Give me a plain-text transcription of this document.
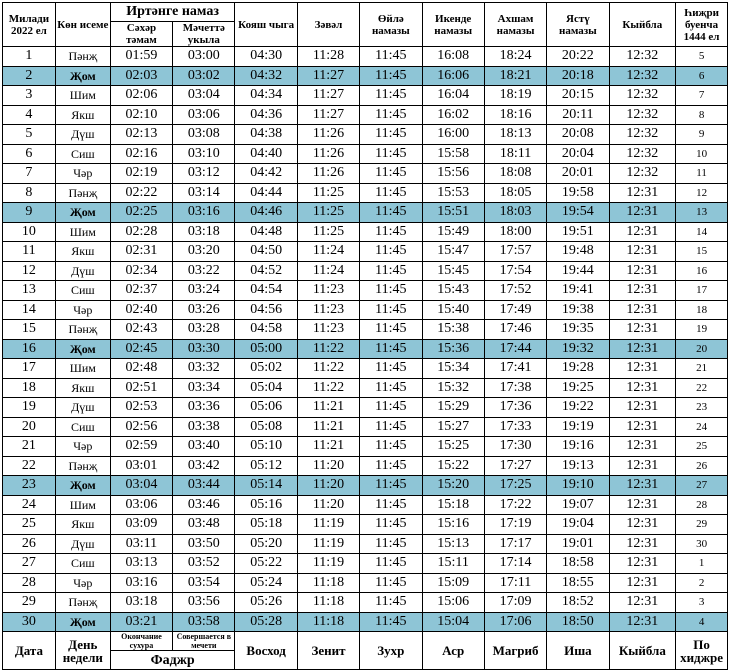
Милади 2022 ел	Көн исеме	Иртәнге намаз		Кояш чыга	Зәвәл	Өйлә намазы	Икенде намазы	Ахшам намазы	Ястү намазы	Кыйбла	Һиҗри буенча 1444 ел
		Сәхәр тәмам	Мәчеттә укыла								
1	Пәнҗ	01:59	03:00	04:30	11:28	11:45	16:08	18:24	20:22	12:32	5
2	Җом	02:03	03:02	04:32	11:27	11:45	16:06	18:21	20:18	12:32	6
3	Шим	02:06	03:04	04:34	11:27	11:45	16:04	18:19	20:15	12:32	7
4	Якш	02:10	03:06	04:36	11:27	11:45	16:02	18:16	20:11	12:32	8
5	Дүш	02:13	03:08	04:38	11:26	11:45	16:00	18:13	20:08	12:32	9
6	Сиш	02:16	03:10	04:40	11:26	11:45	15:58	18:11	20:04	12:32	10
7	Чәр	02:19	03:12	04:42	11:26	11:45	15:56	18:08	20:01	12:32	11
8	Пәнҗ	02:22	03:14	04:44	11:25	11:45	15:53	18:05	19:58	12:31	12
9	Җом	02:25	03:16	04:46	11:25	11:45	15:51	18:03	19:54	12:31	13
10	Шим	02:28	03:18	04:48	11:25	11:45	15:49	18:00	19:51	12:31	14
11	Якш	02:31	03:20	04:50	11:24	11:45	15:47	17:57	19:48	12:31	15
12	Дүш	02:34	03:22	04:52	11:24	11:45	15:45	17:54	19:44	12:31	16
13	Сиш	02:37	03:24	04:54	11:23	11:45	15:43	17:52	19:41	12:31	17
14	Чәр	02:40	03:26	04:56	11:23	11:45	15:40	17:49	19:38	12:31	18
15	Пәнҗ	02:43	03:28	04:58	11:23	11:45	15:38	17:46	19:35	12:31	19
16	Җом	02:45	03:30	05:00	11:22	11:45	15:36	17:44	19:32	12:31	20
17	Шим	02:48	03:32	05:02	11:22	11:45	15:34	17:41	19:28	12:31	21
18	Якш	02:51	03:34	05:04	11:22	11:45	15:32	17:38	19:25	12:31	22
19	Дүш	02:53	03:36	05:06	11:21	11:45	15:29	17:36	19:22	12:31	23
20	Сиш	02:56	03:38	05:08	11:21	11:45	15:27	17:33	19:19	12:31	24
21	Чәр	02:59	03:40	05:10	11:21	11:45	15:25	17:30	19:16	12:31	25
22	Пәнҗ	03:01	03:42	05:12	11:20	11:45	15:22	17:27	19:13	12:31	26
23	Җом	03:04	03:44	05:14	11:20	11:45	15:20	17:25	19:10	12:31	27
24	Шим	03:06	03:46	05:16	11:20	11:45	15:18	17:22	19:07	12:31	28
25	Якш	03:09	03:48	05:18	11:19	11:45	15:16	17:19	19:04	12:31	29
26	Дүш	03:11	03:50	05:20	11:19	11:45	15:13	17:17	19:01	12:31	30
27	Сиш	03:13	03:52	05:22	11:19	11:45	15:11	17:14	18:58	12:31	1
28	Чәр	03:16	03:54	05:24	11:18	11:45	15:09	17:11	18:55	12:31	2
29	Пәнҗ	03:18	03:56	05:26	11:18	11:45	15:06	17:09	18:52	12:31	3
30	Җом	03:21	03:58	05:28	11:18	11:45	15:04	17:06	18:50	12:31	4
Дата	День недели	Окончание сухура	Совершается в мечети	Восход	Зенит	Зухр	Аср	Магриб	Иша	Кыйбла	По хиджре
		Фаджр									
